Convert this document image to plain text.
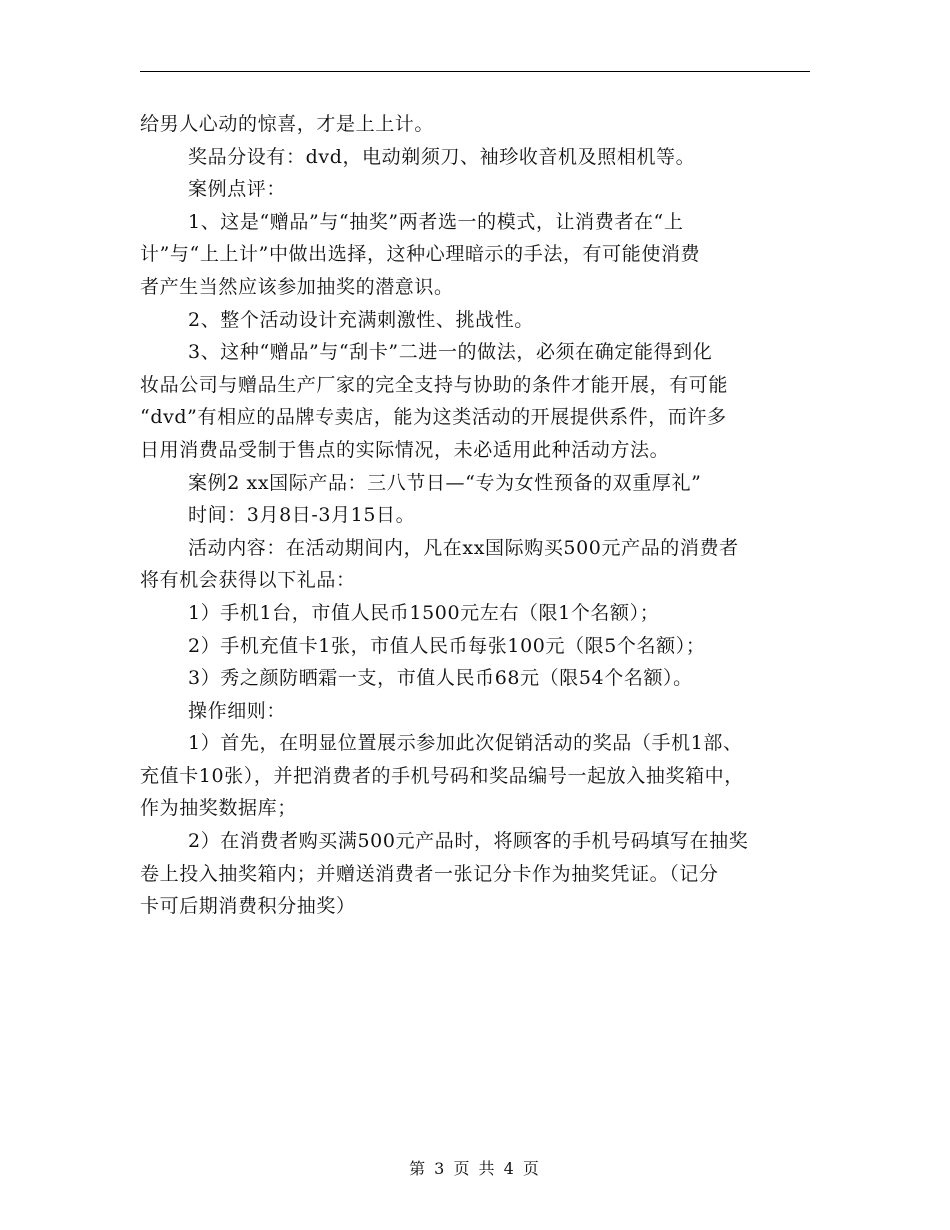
给男人心动的惊喜，才是上上计。
奖品分设有：dvd，电动剃须刀、袖珍收音机及照相机等。
案例点评：
1、这是“赠品”与“抽奖”两者选一的模式，让消费者在“上
计”与“上上计”中做出选择，这种心理暗示的手法，有可能使消费
者产生当然应该参加抽奖的潜意识。
2、整个活动设计充满刺激性、挑战性。
3、这种“赠品”与“刮卡”二进一的做法，必须在确定能得到化
妆品公司与赠品生产厂家的完全支持与协助的条件才能开展，有可能
“dvd”有相应的品牌专卖店，能为这类活动的开展提供系件，而许多
日用消费品受制于售点的实际情况，未必适用此种活动方法。
案例2 xx国际产品：三八节日—“专为女性预备的双重厚礼”
时间：3月8日-3月15日。
活动内容：在活动期间内，凡在xx国际购买500元产品的消费者
将有机会获得以下礼品：
1）手机1台，市值人民币1500元左右（限1个名额）；
2）手机充值卡1张，市值人民币每张100元（限5个名额）；
3）秀之颜防晒霜一支，市值人民币68元（限54个名额）。
操作细则：
1）首先，在明显位置展示参加此次促销活动的奖品（手机1部、
充值卡10张），并把消费者的手机号码和奖品编号一起放入抽奖箱中，
作为抽奖数据库；
2）在消费者购买满500元产品时，将顾客的手机号码填写在抽奖
卷上投入抽奖箱内；并赠送消费者一张记分卡作为抽奖凭证。（记分
卡可后期消费积分抽奖）
第 3 页 共 4 页
